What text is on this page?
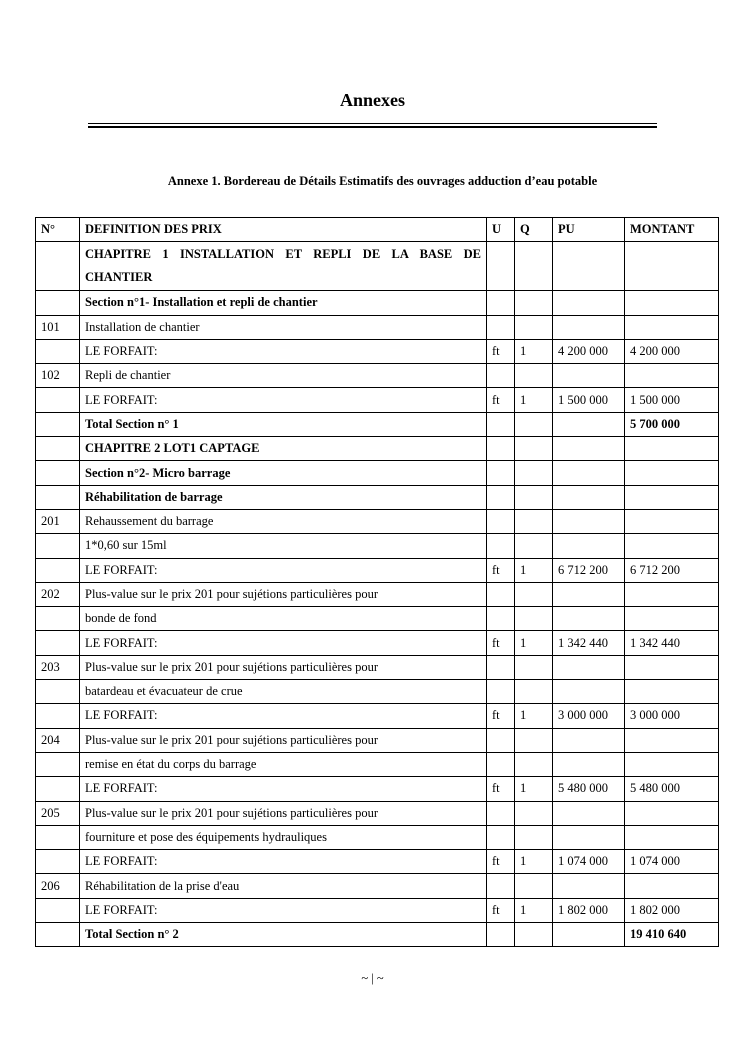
Annexes
Annexe 1. Bordereau de Détails Estimatifs des ouvrages adduction d’eau potable
N°	DEFINITION DES PRIX	U	Q	PU	MONTANT
	CHAPITRE 1 INSTALLATION ET REPLI DE LA BASE DE CHANTIER				
	Section n°1- Installation et repli de chantier				
101	Installation de chantier				
	LE FORFAIT:	ft	1	4 200 000	4 200 000
102	Repli de chantier				
	LE FORFAIT:	ft	1	1 500 000	1 500 000
	Total Section n° 1				5 700 000
	CHAPITRE 2 LOT1 CAPTAGE				
	Section n°2- Micro barrage				
	Réhabilitation de barrage				
201	Rehaussement du barrage				
	1*0,60 sur 15ml				
	LE FORFAIT:	ft	1	6 712 200	6 712 200
202	Plus-value sur le prix 201 pour sujétions particulières pour				
	bonde de fond				
	LE FORFAIT:	ft	1	1 342 440	1 342 440
203	Plus-value sur le prix 201 pour sujétions particulières pour				
	batardeau et évacuateur de crue				
	LE FORFAIT:	ft	1	3 000 000	3 000 000
204	Plus-value sur le prix 201 pour sujétions particulières pour				
	remise en état du corps du barrage				
	LE FORFAIT:	ft	1	5 480 000	5 480 000
205	Plus-value sur le prix 201 pour sujétions particulières pour				
	fourniture et pose des équipements hydrauliques				
	LE FORFAIT:	ft	1	1 074 000	1 074 000
206	Réhabilitation de la prise d'eau				
	LE FORFAIT:	ft	1	1 802 000	1 802 000
	Total Section n° 2				19 410 640
~ | ~
